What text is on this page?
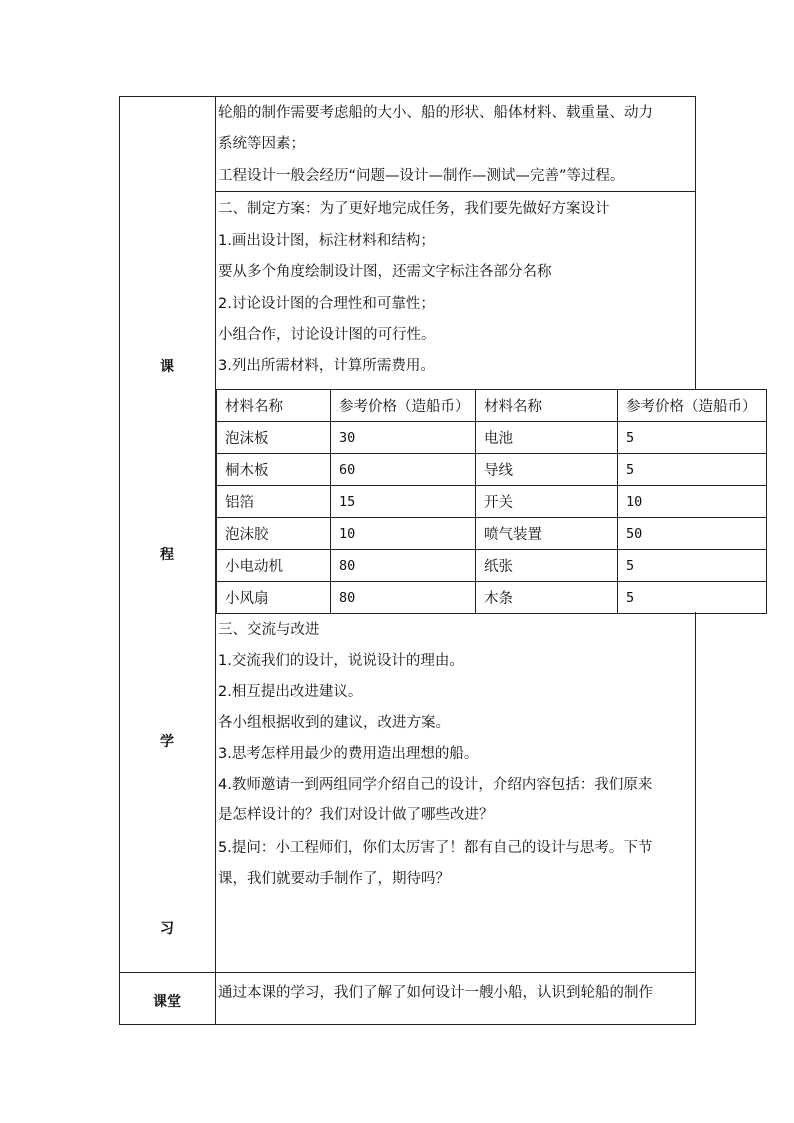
课
程
学
习
课堂
轮船的制作需要考虑船的大小、船的形状、船体材料、载重量、动力
系统等因素；
工程设计一般会经历“问题—设计—制作—测试—完善”等过程。
二、制定方案：为了更好地完成任务，我们要先做好方案设计
1.画出设计图，标注材料和结构；
要从多个角度绘制设计图，还需文字标注各部分名称
2.讨论设计图的合理性和可靠性；
小组合作，讨论设计图的可行性。
3.列出所需材料，计算所需费用。
材料名称	参考价格（造船币）	材料名称	参考价格（造船币）
泡沫板	30	电池	5
桐木板	60	导线	5
铝箔	15	开关	10
泡沫胶	10	喷气装置	50
小电动机	80	纸张	5
小风扇	80	木条	5
三、交流与改进
1.交流我们的设计，说说设计的理由。
2.相互提出改进建议。
各小组根据收到的建议，改进方案。
3.思考怎样用最少的费用造出理想的船。
4.教师邀请一到两组同学介绍自己的设计，介绍内容包括：我们原来
是怎样设计的？我们对设计做了哪些改进？
5.提问：小工程师们，你们太厉害了！都有自己的设计与思考。下节
课，我们就要动手制作了，期待吗？
通过本课的学习，我们了解了如何设计一艘小船，认识到轮船的制作
